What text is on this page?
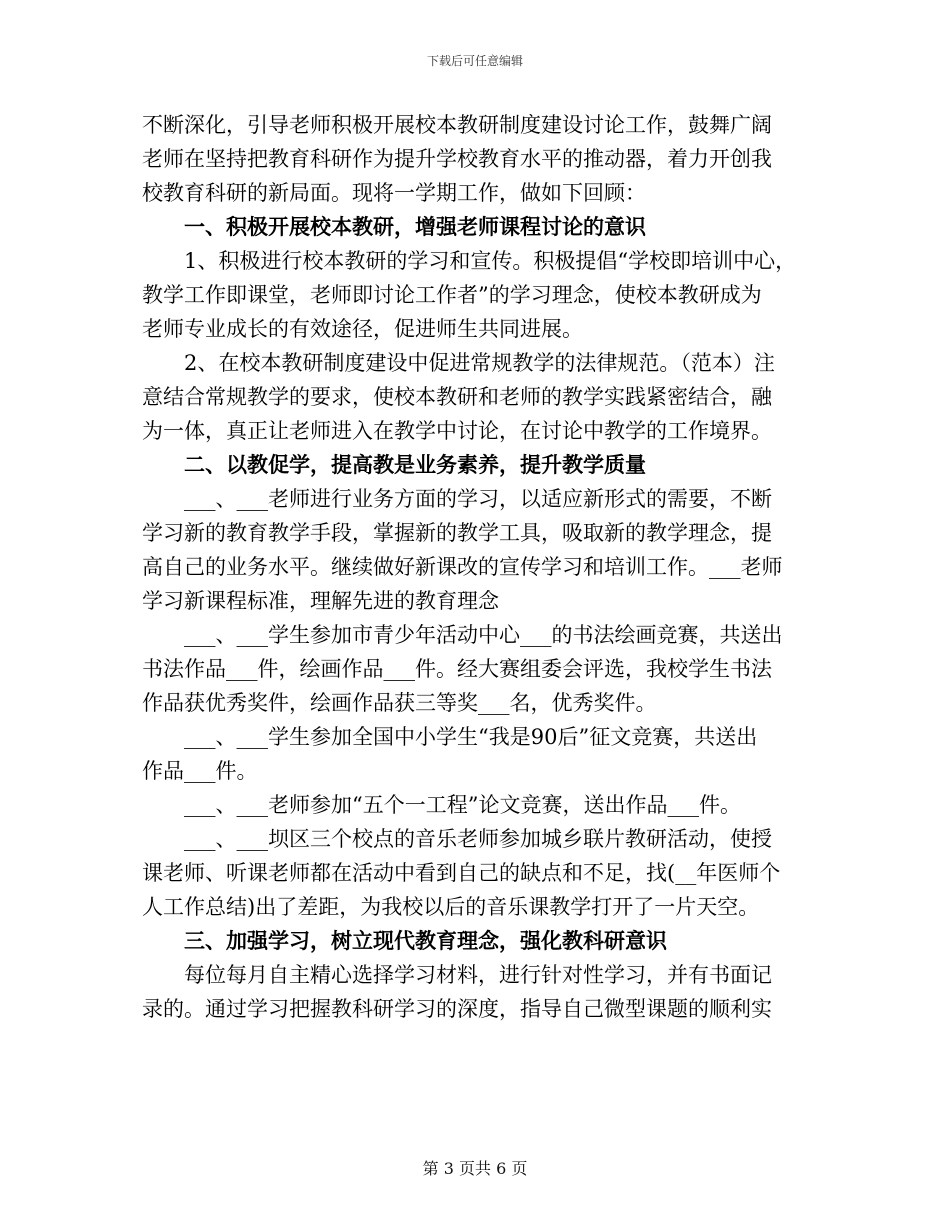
下载后可任意编辑
不断深化，引导老师积极开展校本教研制度建设讨论工作，鼓舞广阔
老师在坚持把教育科研作为提升学校教育水平的推动器，着力开创我
校教育科研的新局面。现将一学期工作，做如下回顾：
一、积极开展校本教研，增强老师课程讨论的意识
1、积极进行校本教研的学习和宣传。积极提倡“学校即培训中心，
教学工作即课堂，老师即讨论工作者”的学习理念，使校本教研成为
老师专业成长的有效途径，促进师生共同进展。
2、在校本教研制度建设中促进常规教学的法律规范。（范本）注
意结合常规教学的要求，使校本教研和老师的教学实践紧密结合，融
为一体，真正让老师进入在教学中讨论，在讨论中教学的工作境界。
二、以教促学，提高教是业务素养，提升教学质量
___、___老师进行业务方面的学习，以适应新形式的需要，不断
学习新的教育教学手段，掌握新的教学工具，吸取新的教学理念，提
高自己的业务水平。继续做好新课改的宣传学习和培训工作。___老师
学习新课程标准，理解先进的教育理念
___、___学生参加市青少年活动中心___的书法绘画竞赛，共送出
书法作品___件，绘画作品___件。经大赛组委会评选，我校学生书法
作品获优秀奖件，绘画作品获三等奖___名，优秀奖件。
___、___学生参加全国中小学生“我是90后”征文竞赛，共送出
作品___件。
___、___老师参加“五个一工程”论文竞赛，送出作品___件。
___、___坝区三个校点的音乐老师参加城乡联片教研活动，使授
课老师、听课老师都在活动中看到自己的缺点和不足，找(__年医师个
人工作总结)出了差距，为我校以后的音乐课教学打开了一片天空。
三、加强学习，树立现代教育理念，强化教科研意识
每位每月自主精心选择学习材料，进行针对性学习，并有书面记
录的。通过学习把握教科研学习的深度，指导自己微型课题的顺利实
第 3 页共 6 页
